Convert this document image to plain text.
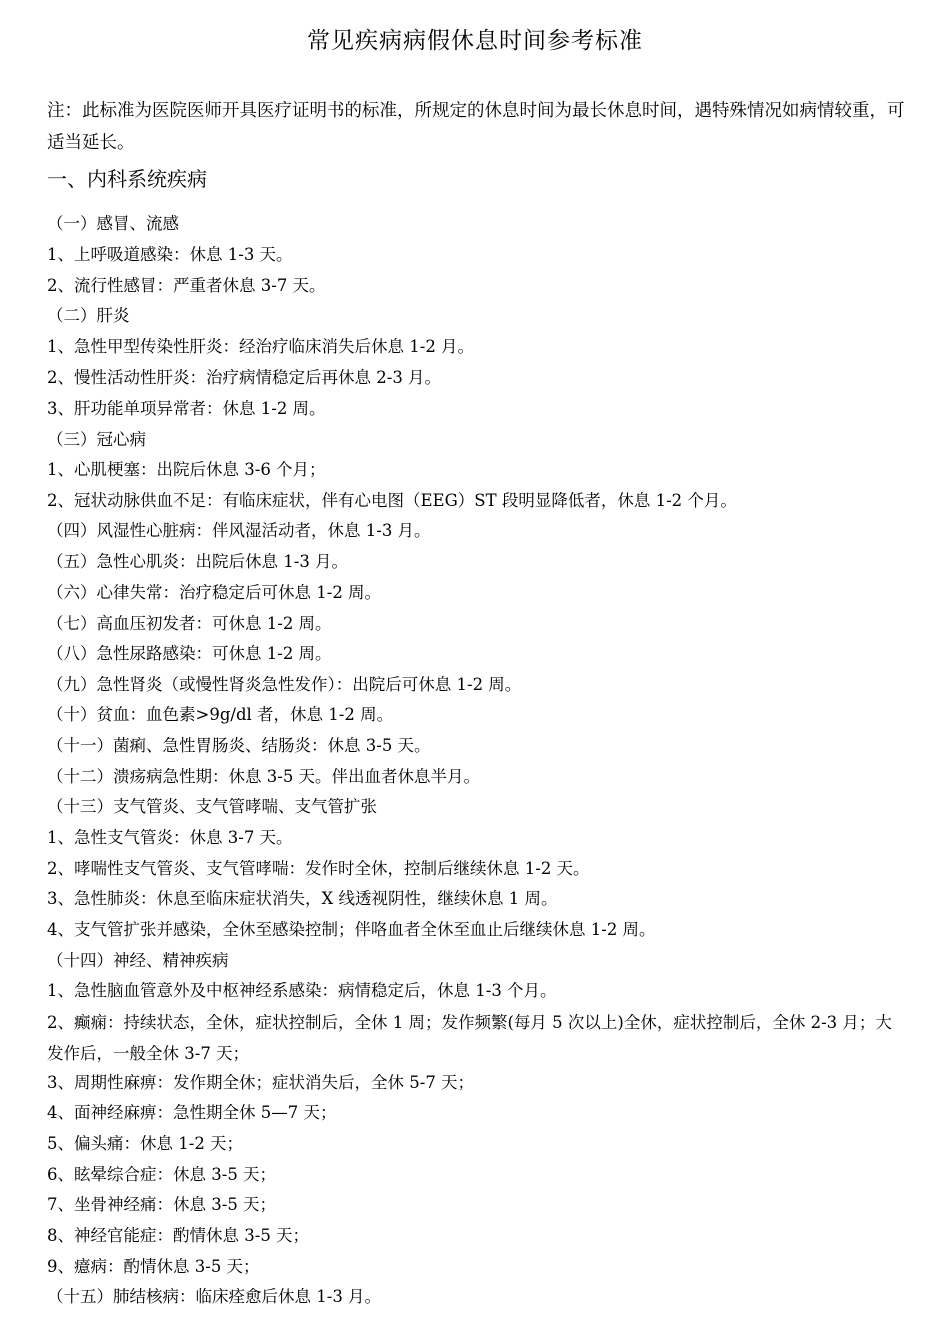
常见疾病病假休息时间参考标准

注：此标准为医院医师开具医疗证明书的标准，所规定的休息时间为最长休息时间，遇特殊情况如病情较重，可适当延长。

一、内科系统疾病

（一）感冒、流感

1、上呼吸道感染：休息 1-3 天。

2、流行性感冒：严重者休息 3-7 天。

（二）肝炎

1、急性甲型传染性肝炎：经治疗临床消失后休息 1-2 月。

2、慢性活动性肝炎：治疗病情稳定后再休息 2-3 月。

3、肝功能单项异常者：休息 1-2 周。

（三）冠心病

1、心肌梗塞：出院后休息 3-6 个月；

2、冠状动脉供血不足：有临床症状，伴有心电图（EEG）ST 段明显降低者，休息 1-2 个月。

（四）风湿性心脏病：伴风湿活动者，休息 1-3 月。

（五）急性心肌炎：出院后休息 1-3 月。

（六）心律失常：治疗稳定后可休息 1-2 周。

（七）高血压初发者：可休息 1-2 周。

（八）急性尿路感染：可休息 1-2 周。

（九）急性肾炎（或慢性肾炎急性发作）：出院后可休息 1-2 周。

（十）贫血：血色素>9g/dl 者，休息 1-2 周。

（十一）菌痢、急性胃肠炎、结肠炎：休息 3-5 天。

（十二）溃疡病急性期：休息 3-5 天。伴出血者休息半月。

（十三）支气管炎、支气管哮喘、支气管扩张

1、急性支气管炎：休息 3-7 天。

2、哮喘性支气管炎、支气管哮喘：发作时全休，控制后继续休息 1-2 天。

3、急性肺炎：休息至临床症状消失，X 线透视阴性，继续休息 1 周。

4、支气管扩张并感染，全休至感染控制；伴咯血者全休至血止后继续休息 1-2 周。

（十四）神经、精神疾病

1、急性脑血管意外及中枢神经系感染：病情稳定后，休息 1-3 个月。

2、癫痫：持续状态，全休，症状控制后，全休 1 周；发作频繁(每月 5 次以上)全休，症状控制后，全休 2-3 月；大发作后，一般全休 3-7 天；

3、周期性麻痹：发作期全休；症状消失后，全休 5-7 天；

4、面神经麻痹：急性期全休 5—7 天；

5、偏头痛：休息 1-2 天；

6、眩晕综合症：休息 3-5 天；

7、坐骨神经痛：休息 3-5 天；

8、神经官能症：酌情休息 3-5 天；

9、癔病：酌情休息 3-5 天；

（十五）肺结核病：临床痊愈后休息 1-3 月。
